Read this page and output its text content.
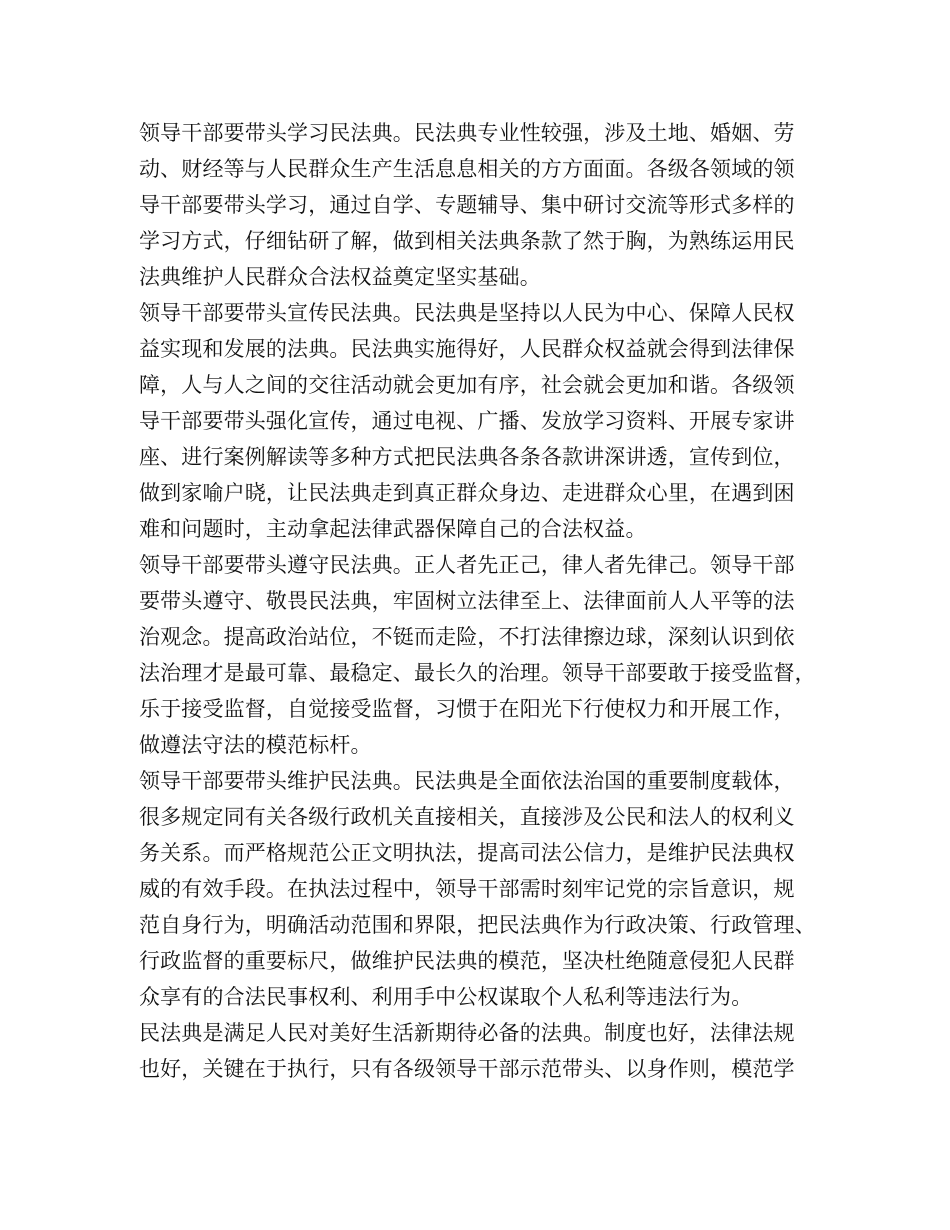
领导干部要带头学习民法典。民法典专业性较强，涉及土地、婚姻、劳
动、财经等与人民群众生产生活息息相关的方方面面。各级各领域的领
导干部要带头学习，通过自学、专题辅导、集中研讨交流等形式多样的
学习方式，仔细钻研了解，做到相关法典条款了然于胸，为熟练运用民
法典维护人民群众合法权益奠定坚实基础。
领导干部要带头宣传民法典。民法典是坚持以人民为中心、保障人民权
益实现和发展的法典。民法典实施得好，人民群众权益就会得到法律保
障，人与人之间的交往活动就会更加有序，社会就会更加和谐。各级领
导干部要带头强化宣传，通过电视、广播、发放学习资料、开展专家讲
座、进行案例解读等多种方式把民法典各条各款讲深讲透，宣传到位，
做到家喻户晓，让民法典走到真正群众身边、走进群众心里，在遇到困
难和问题时，主动拿起法律武器保障自己的合法权益。
领导干部要带头遵守民法典。正人者先正己，律人者先律己。领导干部
要带头遵守、敬畏民法典，牢固树立法律至上、法律面前人人平等的法
治观念。提高政治站位，不铤而走险，不打法律擦边球，深刻认识到依
法治理才是最可靠、最稳定、最长久的治理。领导干部要敢于接受监督，
乐于接受监督，自觉接受监督，习惯于在阳光下行使权力和开展工作，
做遵法守法的模范标杆。
领导干部要带头维护民法典。民法典是全面依法治国的重要制度载体，
很多规定同有关各级行政机关直接相关，直接涉及公民和法人的权利义
务关系。而严格规范公正文明执法，提高司法公信力，是维护民法典权
威的有效手段。在执法过程中，领导干部需时刻牢记党的宗旨意识，规
范自身行为，明确活动范围和界限，把民法典作为行政决策、行政管理、
行政监督的重要标尺，做维护民法典的模范，坚决杜绝随意侵犯人民群
众享有的合法民事权利、利用手中公权谋取个人私利等违法行为。
民法典是满足人民对美好生活新期待必备的法典。制度也好，法律法规
也好，关键在于执行，只有各级领导干部示范带头、以身作则，模范学
